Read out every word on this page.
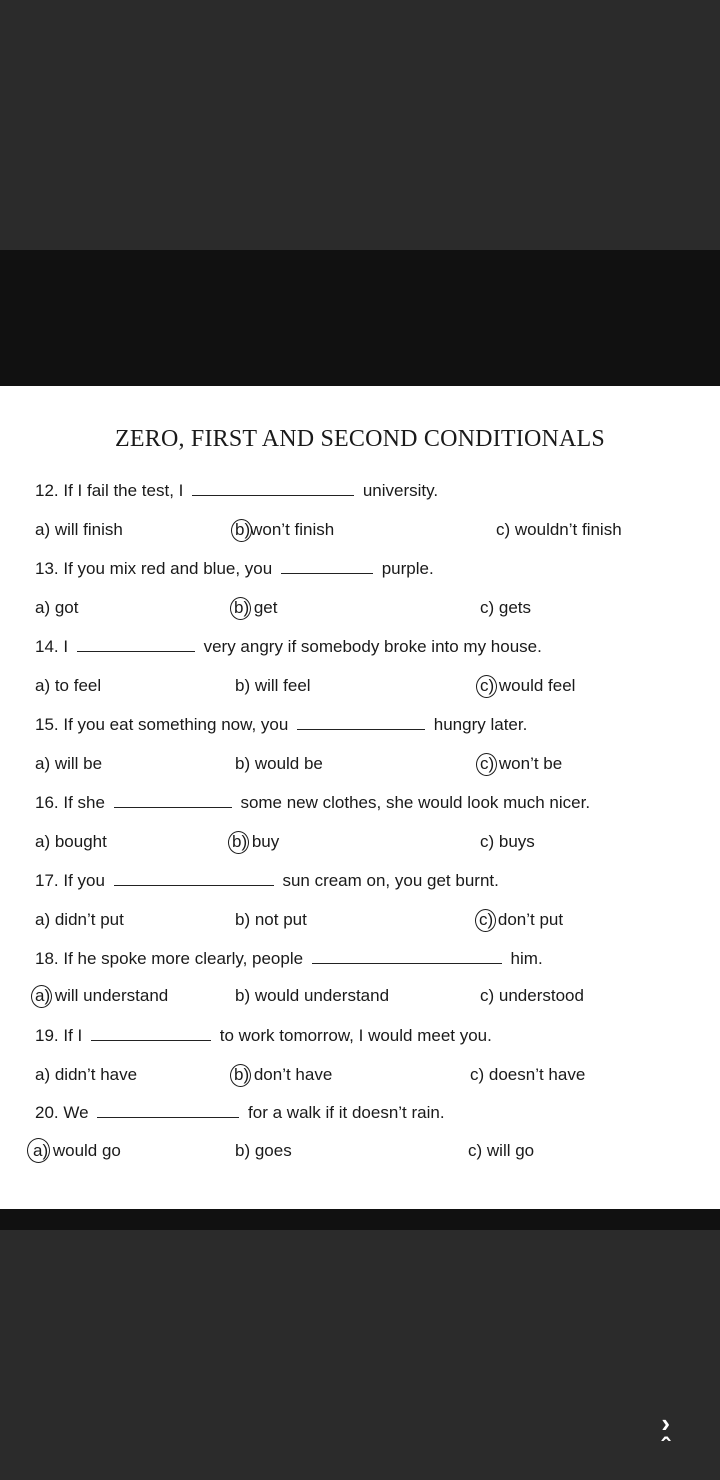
ZERO, FIRST AND SECOND CONDITIONALS
12. If I fail the test, I	university.
a) will finish	b)won’t finish	c) wouldn’t finish
13. If you mix red and blue, you	purple.
a) got	b) get	c) gets
14. I	very angry if somebody broke into my house.
a) to feel	b) will feel	c) would feel
15. If you eat something now, you	hungry later.
a) will be	b) would be	c) won’t be
16. If she	some new clothes, she would look much nicer.
a) bought	b) buy	c) buys
17. If you	sun cream on, you get burnt.
a) didn’t put	b) not put	c) don’t put
18. If he spoke more clearly, people	him.
a) will understand	b) would understand	c) understood
19. If I	to work tomorrow, I would meet you.
a) didn’t have	b) don’t have	c) doesn’t have
20. We	for a walk if it doesn’t rain.
a) would go	b) goes	c) will go
›
ˆ
